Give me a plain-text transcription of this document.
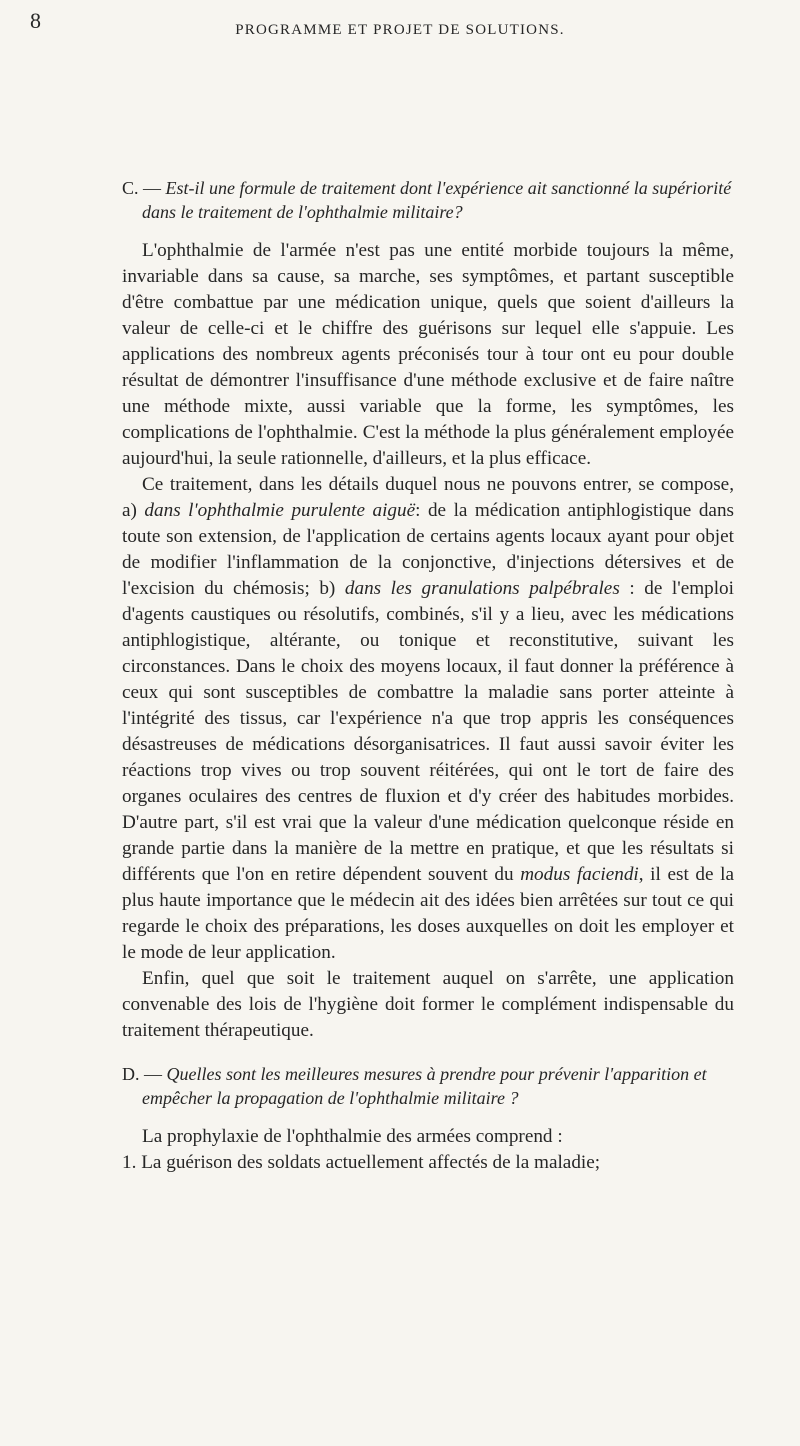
8	PROGRAMME ET PROJET DE SOLUTIONS.

C. — Est-il une formule de traitement dont l'expérience ait sanctionné la supériorité dans le traitement de l'ophthalmie militaire?

L'ophthalmie de l'armée n'est pas une entité morbide toujours la même, invariable dans sa cause, sa marche, ses symptômes, et partant susceptible d'être combattue par une médication unique, quels que soient d'ailleurs la valeur de celle-ci et le chiffre des guérisons sur lequel elle s'appuie. Les applications des nombreux agents préconisés tour à tour ont eu pour double résultat de démontrer l'insuffisance d'une méthode exclusive et de faire naître une méthode mixte, aussi variable que la forme, les symptômes, les complications de l'ophthalmie. C'est la méthode la plus généralement employée aujourd'hui, la seule rationnelle, d'ailleurs, et la plus efficace.

Ce traitement, dans les détails duquel nous ne pouvons entrer, se compose, a) dans l'ophthalmie purulente aiguë: de la médication antiphlogistique dans toute son extension, de l'application de certains agents locaux ayant pour objet de modifier l'inflammation de la conjonctive, d'injections détersives et de l'excision du chémosis; b) dans les granulations palpébrales : de l'emploi d'agents caustiques ou résolutifs, combinés, s'il y a lieu, avec les médications antiphlogistique, altérante, ou tonique et reconstitutive, suivant les circonstances. Dans le choix des moyens locaux, il faut donner la préférence à ceux qui sont susceptibles de combattre la maladie sans porter atteinte à l'intégrité des tissus, car l'expérience n'a que trop appris les conséquences désastreuses de médications désorganisatrices. Il faut aussi savoir éviter les réactions trop vives ou trop souvent réitérées, qui ont le tort de faire des organes oculaires des centres de fluxion et d'y créer des habitudes morbides. D'autre part, s'il est vrai que la valeur d'une médication quelconque réside en grande partie dans la manière de la mettre en pratique, et que les résultats si différents que l'on en retire dépendent souvent du modus faciendi, il est de la plus haute importance que le médecin ait des idées bien arrêtées sur tout ce qui regarde le choix des préparations, les doses auxquelles on doit les employer et le mode de leur application.

Enfin, quel que soit le traitement auquel on s'arrête, une application convenable des lois de l'hygiène doit former le complément indispensable du traitement thérapeutique.

D. — Quelles sont les meilleures mesures à prendre pour prévenir l'apparition et empêcher la propagation de l'ophthalmie militaire ?

La prophylaxie de l'ophthalmie des armées comprend :

1. La guérison des soldats actuellement affectés de la maladie;
